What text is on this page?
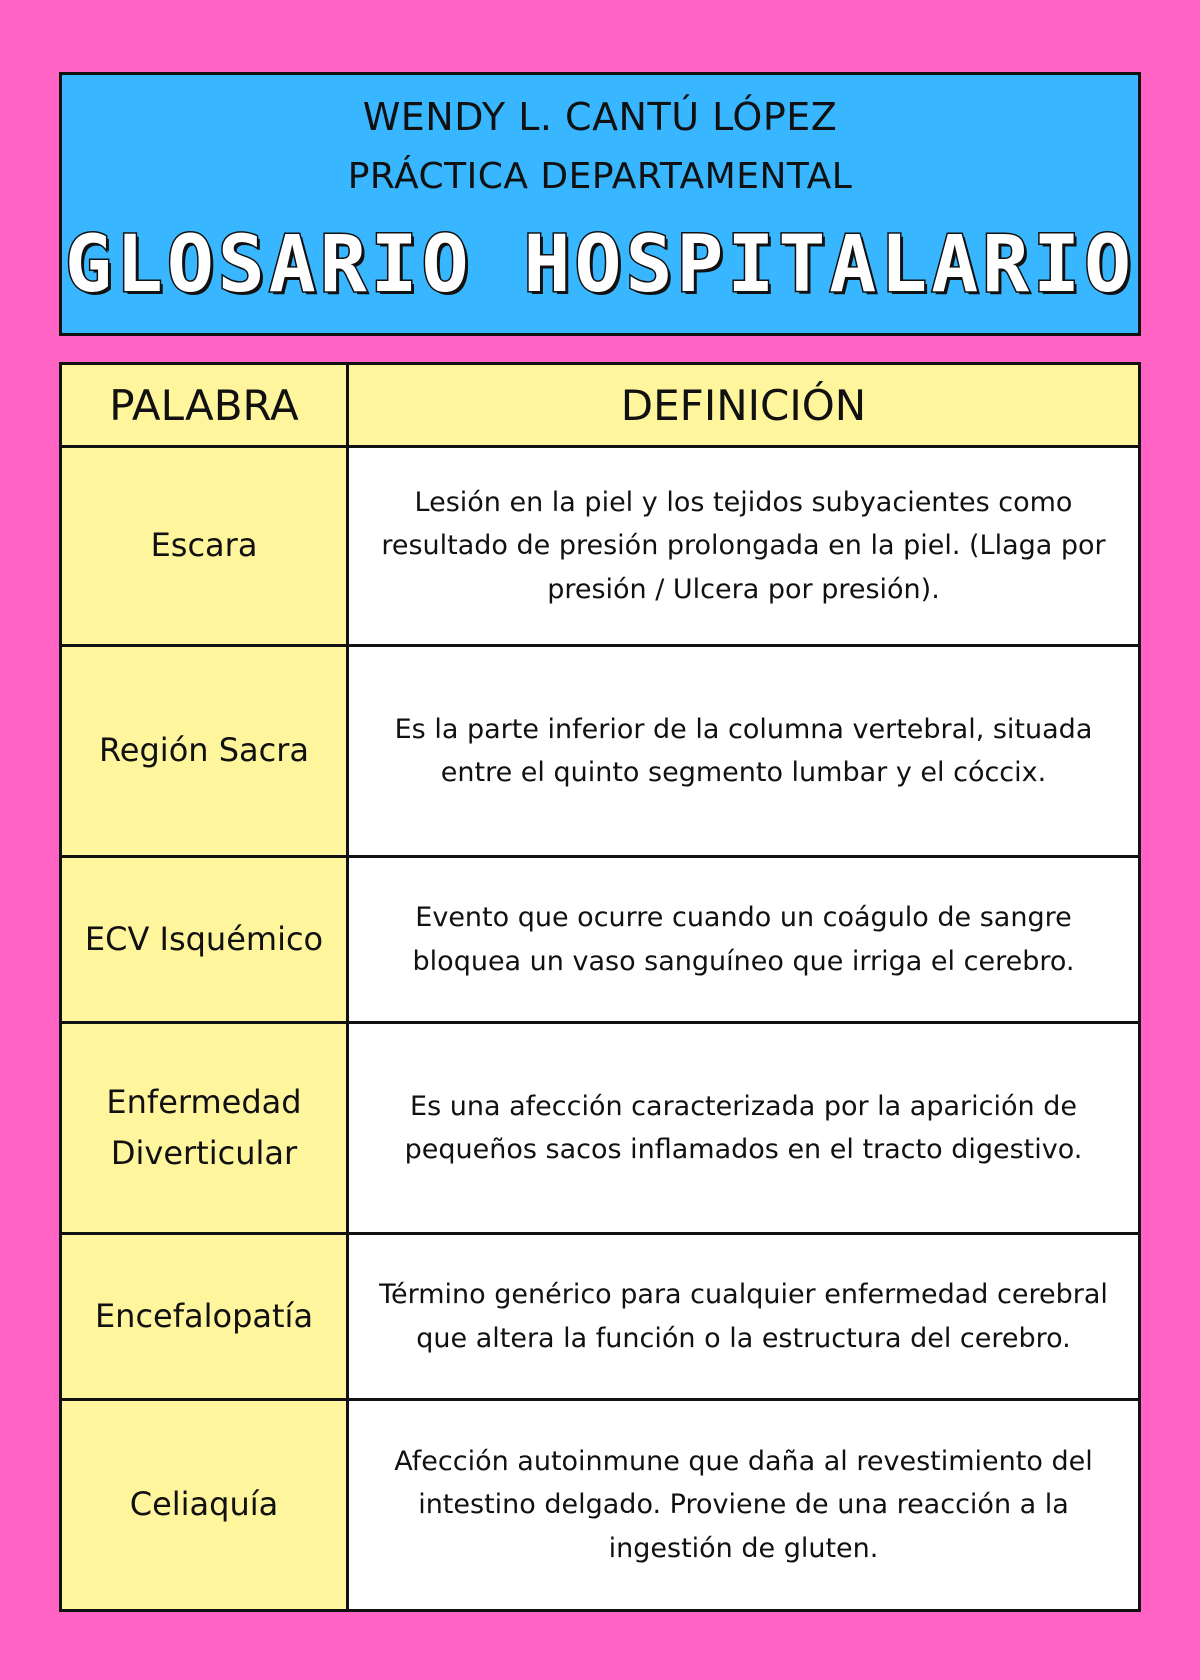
WENDY L. CANTÚ LÓPEZ
PRÁCTICA DEPARTAMENTAL
GLOSARIO HOSPITALARIO
PALABRA	DEFINICIÓN
Escara	Lesión en la piel y los tejidos subyacientes como resultado de presión prolongada en la piel. (Llaga por presión / Ulcera por presión).
Región Sacra	Es la parte inferior de la columna vertebral, situada entre el quinto segmento lumbar y el cóccix.
ECV Isquémico	Evento que ocurre cuando un coágulo de sangre bloquea un vaso sanguíneo que irriga el cerebro.
Enfermedad Diverticular	Es una afección caracterizada por la aparición de pequeños sacos inflamados en el tracto digestivo.
Encefalopatía	Término genérico para cualquier enfermedad cerebral que altera la función o la estructura del cerebro.
Celiaquía	Afección autoinmune que daña al revestimiento del intestino delgado. Proviene de una reacción a la ingestión de gluten.
